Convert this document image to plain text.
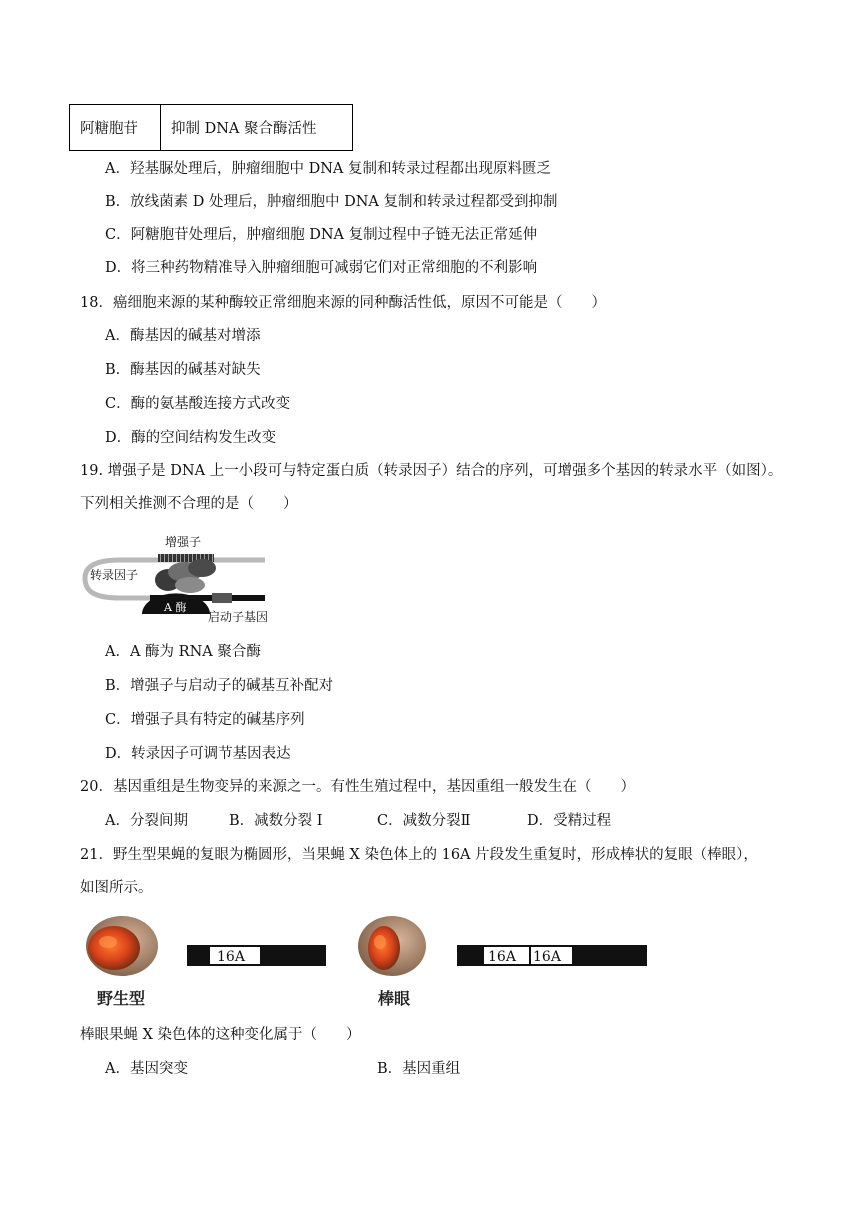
阿糖胞苷	抑制 DNA 聚合酶活性
A．羟基脲处理后，肿瘤细胞中 DNA 复制和转录过程都出现原料匮乏
B．放线菌素 D 处理后，肿瘤细胞中 DNA 复制和转录过程都受到抑制
C．阿糖胞苷处理后，肿瘤细胞 DNA 复制过程中子链无法正常延伸
D．将三种药物精准导入肿瘤细胞可减弱它们对正常细胞的不利影响
18．癌细胞来源的某种酶较正常细胞来源的同种酶活性低，原因不可能是（　　）
A．酶基因的碱基对增添
B．酶基因的碱基对缺失
C．酶的氨基酸连接方式改变
D．酶的空间结构发生改变
19. 增强子是 DNA 上一小段可与特定蛋白质（转录因子）结合的序列，可增强多个基因的转录水平（如图）。
下列相关推测不合理的是（　　）
增强子
转录因子
A 酶
启动子基因
A．A 酶为 RNA 聚合酶
B．增强子与启动子的碱基互补配对
C．增强子具有特定的碱基序列
D．转录因子可调节基因表达
20．基因重组是生物变异的来源之一。有性生殖过程中，基因重组一般发生在（　　）
A．分裂间期	B．减数分裂 I	C．减数分裂Ⅱ	D．受精过程
21．野生型果蝇的复眼为椭圆形，当果蝇 X 染色体上的 16A 片段发生重复时，形成棒状的复眼（棒眼），
如图所示。
野生型
16A
棒眼
16A 16A
棒眼果蝇 X 染色体的这种变化属于（　　）
A．基因突变	B．基因重组
